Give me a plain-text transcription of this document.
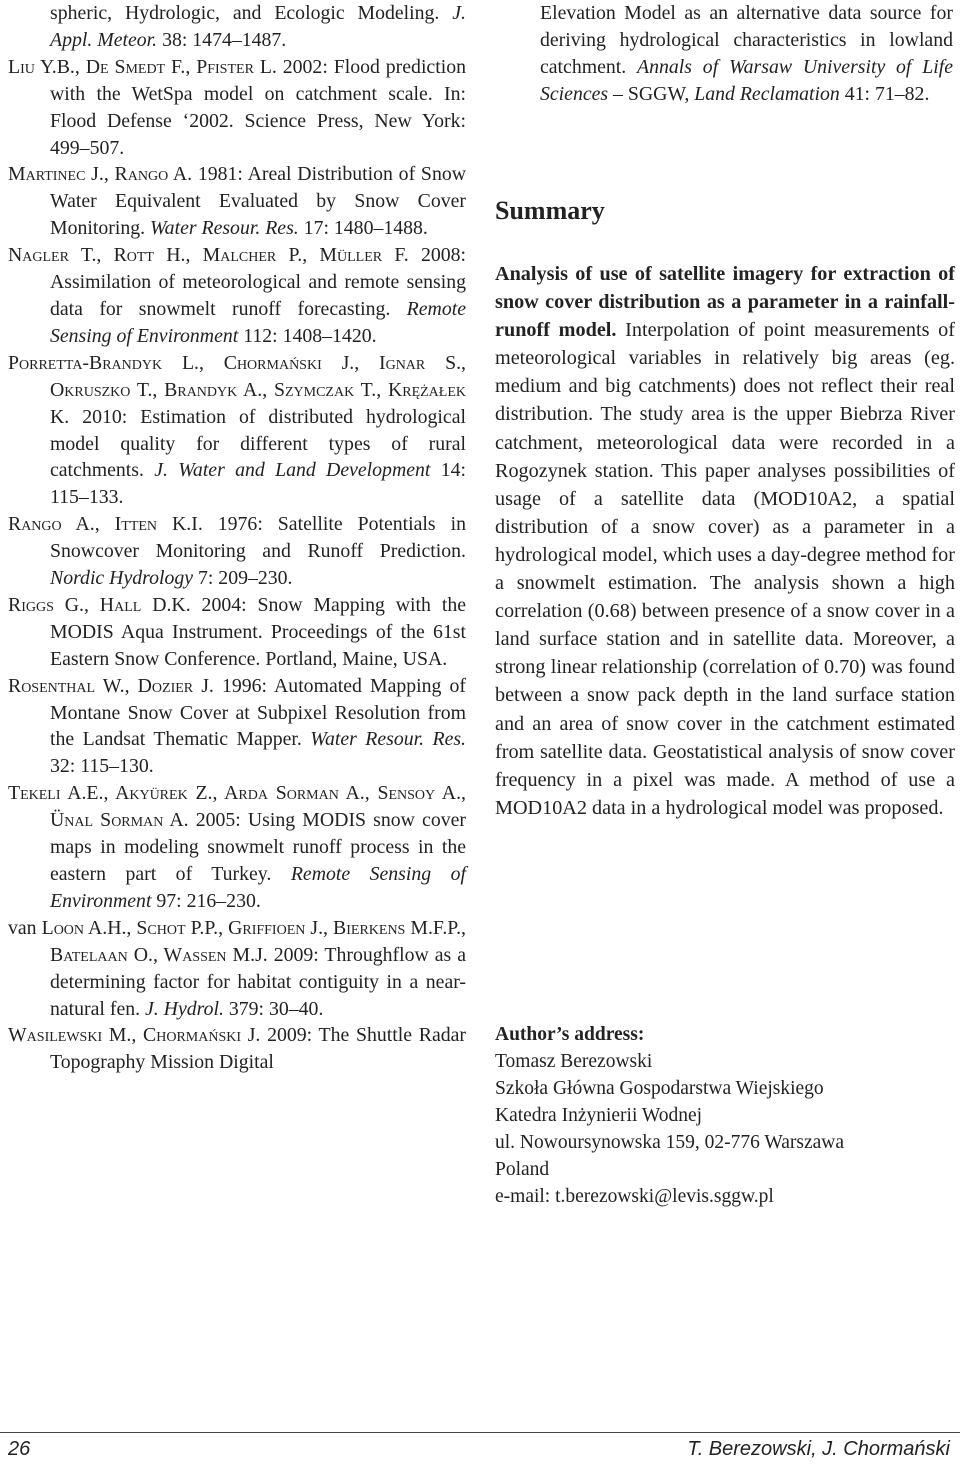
spheric, Hydrologic, and Ecologic Modeling. J. Appl. Meteor. 38: 1474–1487.

Liu Y.B., De Smedt F., Pfister L. 2002: Flood prediction with the WetSpa model on catchment scale. In: Flood Defense ‘2002. Science Press, New York: 499–507.

Martinec J., Rango A. 1981: Areal Distribution of Snow Water Equivalent Evaluated by Snow Cover Monitoring. Water Resour. Res. 17: 1480–1488.

Nagler T., Rott H., Malcher P., Müller F. 2008: Assimilation of meteorological and remote sensing data for snowmelt runoff forecasting. Remote Sensing of Environment 112: 1408–1420.

Porretta-Brandyk L., Chormański J., Ignar S., Okruszko T., Brandyk A., Szymczak T., Krężałek K. 2010: Estimation of distributed hydrological model quality for different types of rural catchments. J. Water and Land Development 14: 115–133.

Rango A., Itten K.I. 1976: Satellite Potentials in Snowcover Monitoring and Runoff Prediction. Nordic Hydrology 7: 209–230.

Riggs G., Hall D.K. 2004: Snow Mapping with the MODIS Aqua Instrument. Proceedings of the 61st Eastern Snow Conference. Portland, Maine, USA.

Rosenthal W., Dozier J. 1996: Automated Mapping of Montane Snow Cover at Subpixel Resolution from the Landsat Thematic Mapper. Water Resour. Res. 32: 115–130.

Tekeli A.E., Akyürek Z., Arda Sorman A., Sensoy A., Ünal Sorman A. 2005: Using MODIS snow cover maps in modeling snowmelt runoff process in the eastern part of Turkey. Remote Sensing of Environment 97: 216–230.

van Loon A.H., Schot P.P., Griffioen J., Bierkens M.F.P., Batelaan O., Wassen M.J. 2009: Throughflow as a determining factor for habitat contiguity in a near-natural fen. J. Hydrol. 379: 30–40.

Wasilewski M., Chormański J. 2009: The Shuttle Radar Topography Mission Digital

Elevation Model as an alternative data source for deriving hydrological characteristics in lowland catchment. Annals of Warsaw University of Life Sciences – SGGW, Land Reclamation 41: 71–82.

Summary

Analysis of use of satellite imagery for extraction of snow cover distribution as a parameter in a rainfall-runoff model. Interpolation of point measurements of meteorological variables in relatively big areas (eg. medium and big catchments) does not reflect their real distribution. The study area is the upper Biebrza River catchment, meteorological data were recorded in a Rogozynek station. This paper analyses possibilities of usage of a satellite data (MOD10A2, a spatial distribution of a snow cover) as a parameter in a hydrological model, which uses a day-degree method for a snowmelt estimation. The analysis shown a high correlation (0.68) between presence of a snow cover in a land surface station and in satellite data. Moreover, a strong linear relationship (correlation of 0.70) was found between a snow pack depth in the land surface station and an area of snow cover in the catchment estimated from satellite data. Geostatistical analysis of snow cover frequency in a pixel was made. A method of use a MOD10A2 data in a hydrological model was proposed.

Author’s address:
Tomasz Berezowski
Szkoła Główna Gospodarstwa Wiejskiego
Katedra Inżynierii Wodnej
ul. Nowoursynowska 159, 02-776 Warszawa
Poland
e-mail: t.berezowski@levis.sggw.pl
26	T. Berezowski, J. Chormański
